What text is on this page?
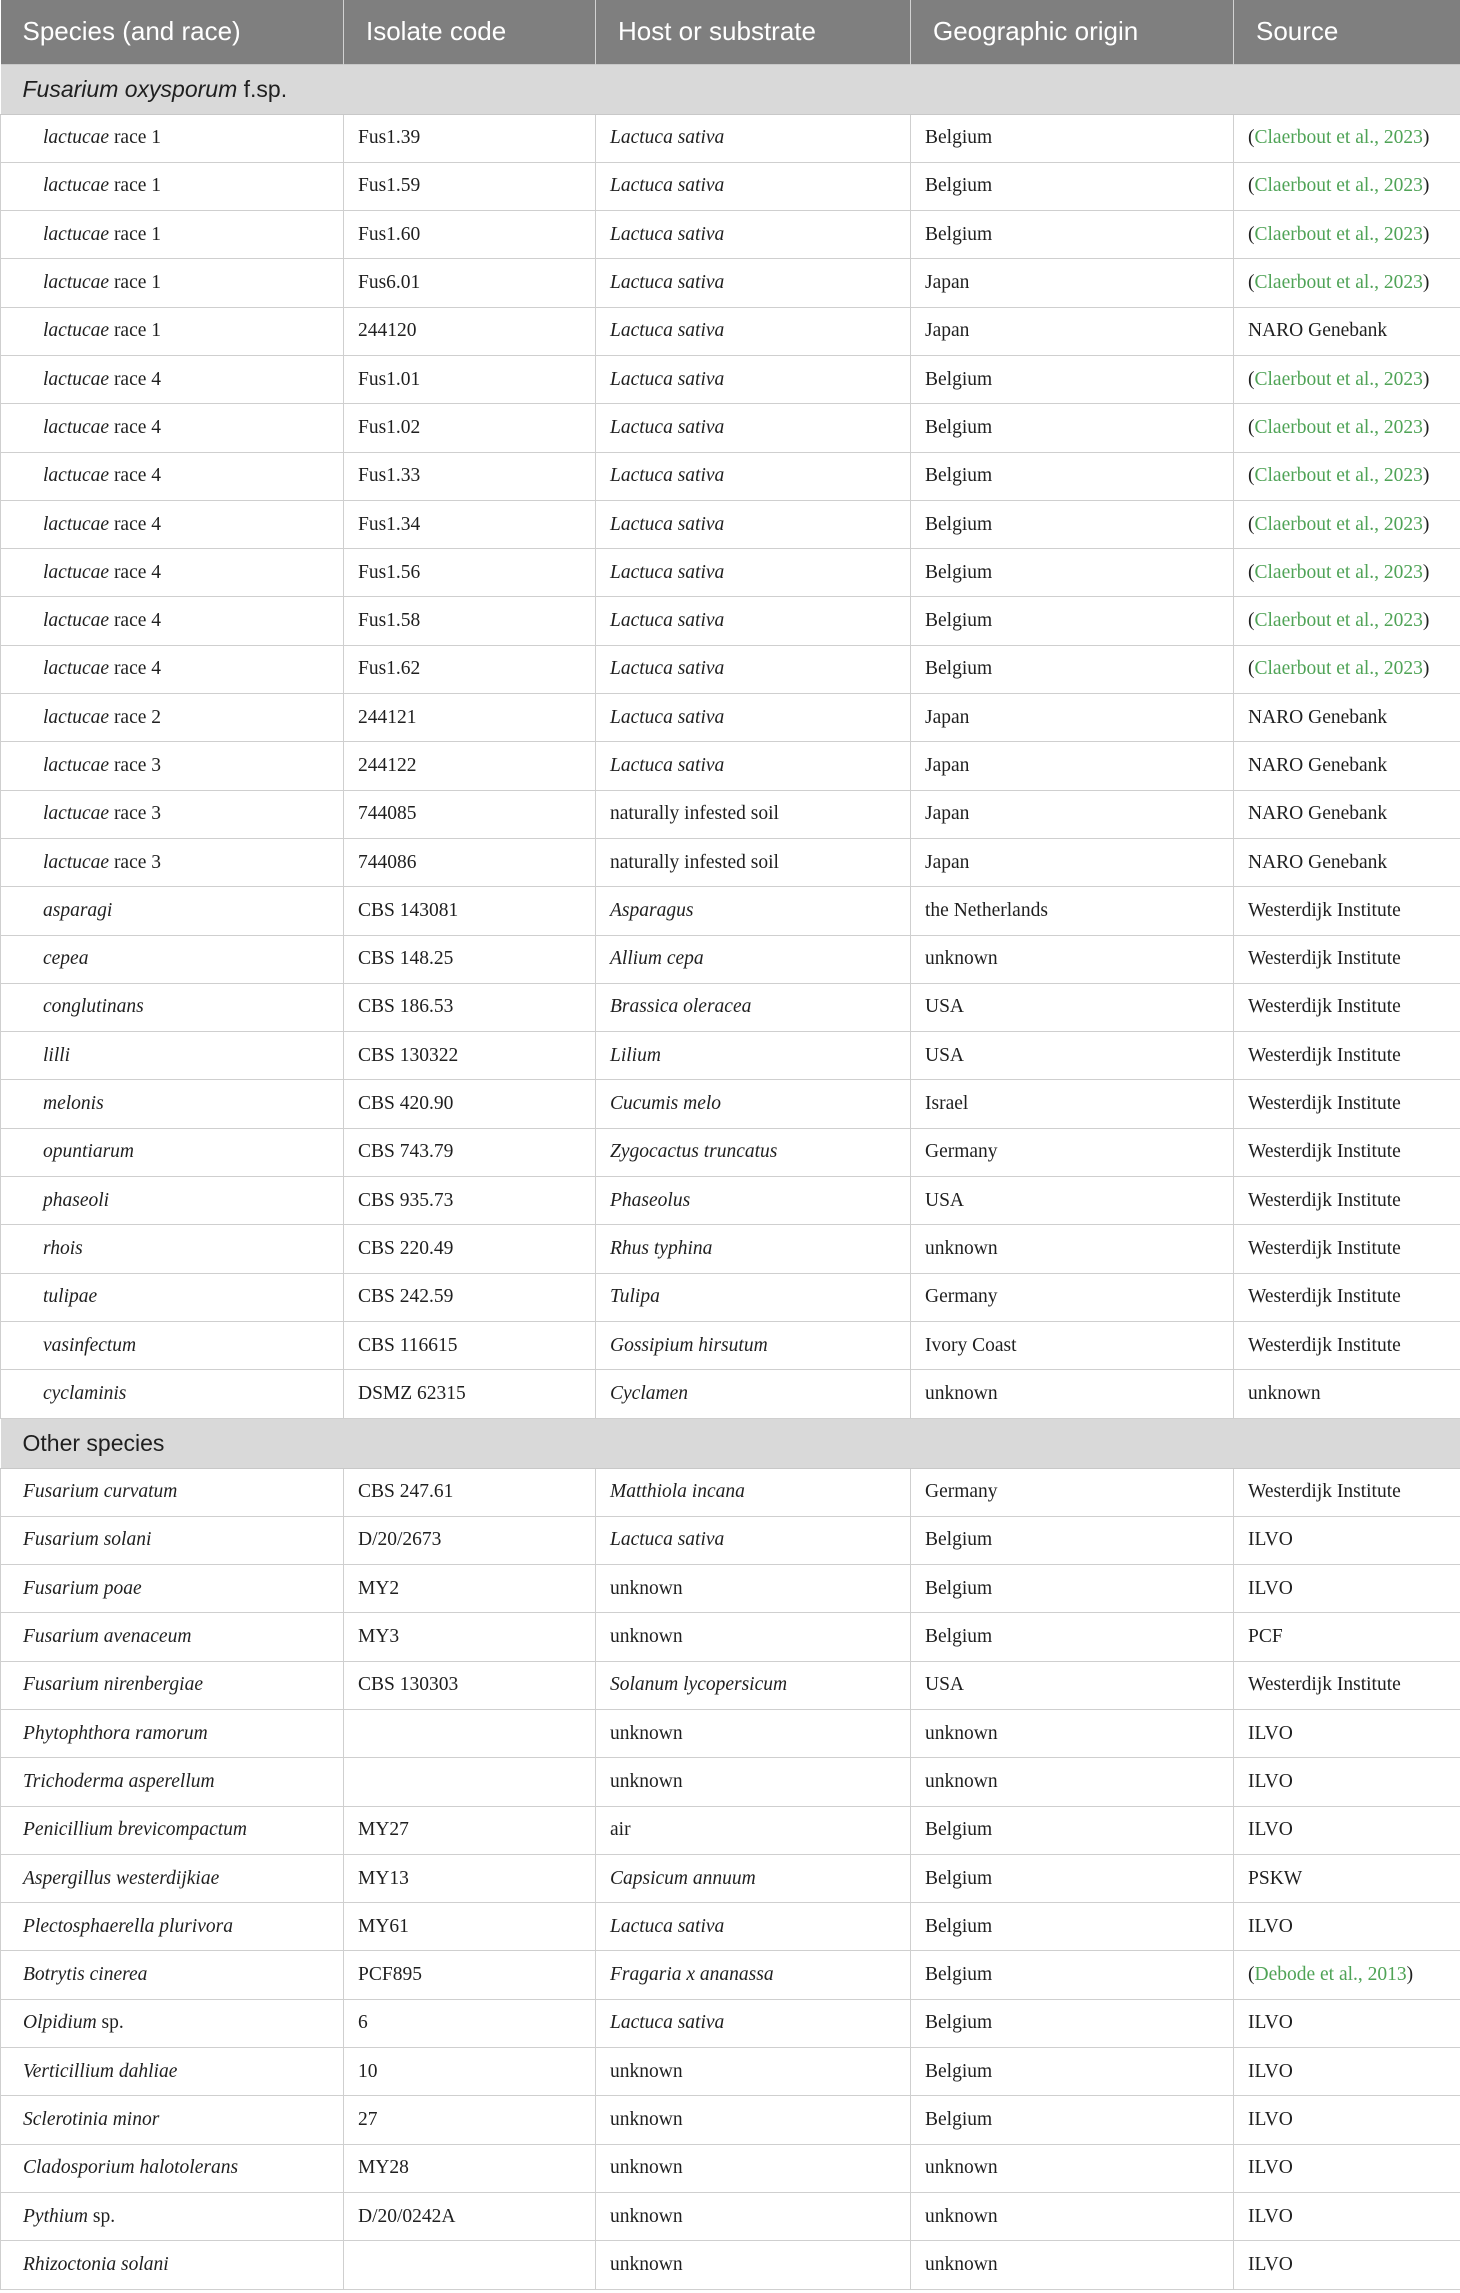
Species (and race)	Isolate code	Host or substrate	Geographic origin	Source
Fusarium oxysporum f.sp.				
lactucae race 1	Fus1.39	Lactuca sativa	Belgium	(Claerbout et al., 2023)
lactucae race 1	Fus1.59	Lactuca sativa	Belgium	(Claerbout et al., 2023)
lactucae race 1	Fus1.60	Lactuca sativa	Belgium	(Claerbout et al., 2023)
lactucae race 1	Fus6.01	Lactuca sativa	Japan	(Claerbout et al., 2023)
lactucae race 1	244120	Lactuca sativa	Japan	NARO Genebank
lactucae race 4	Fus1.01	Lactuca sativa	Belgium	(Claerbout et al., 2023)
lactucae race 4	Fus1.02	Lactuca sativa	Belgium	(Claerbout et al., 2023)
lactucae race 4	Fus1.33	Lactuca sativa	Belgium	(Claerbout et al., 2023)
lactucae race 4	Fus1.34	Lactuca sativa	Belgium	(Claerbout et al., 2023)
lactucae race 4	Fus1.56	Lactuca sativa	Belgium	(Claerbout et al., 2023)
lactucae race 4	Fus1.58	Lactuca sativa	Belgium	(Claerbout et al., 2023)
lactucae race 4	Fus1.62	Lactuca sativa	Belgium	(Claerbout et al., 2023)
lactucae race 2	244121	Lactuca sativa	Japan	NARO Genebank
lactucae race 3	244122	Lactuca sativa	Japan	NARO Genebank
lactucae race 3	744085	naturally infested soil	Japan	NARO Genebank
lactucae race 3	744086	naturally infested soil	Japan	NARO Genebank
asparagi	CBS 143081	Asparagus	the Netherlands	Westerdijk Institute
cepea	CBS 148.25	Allium cepa	unknown	Westerdijk Institute
conglutinans	CBS 186.53	Brassica oleracea	USA	Westerdijk Institute
lilli	CBS 130322	Lilium	USA	Westerdijk Institute
melonis	CBS 420.90	Cucumis melo	Israel	Westerdijk Institute
opuntiarum	CBS 743.79	Zygocactus truncatus	Germany	Westerdijk Institute
phaseoli	CBS 935.73	Phaseolus	USA	Westerdijk Institute
rhois	CBS 220.49	Rhus typhina	unknown	Westerdijk Institute
tulipae	CBS 242.59	Tulipa	Germany	Westerdijk Institute
vasinfectum	CBS 116615	Gossipium hirsutum	Ivory Coast	Westerdijk Institute
cyclaminis	DSMZ 62315	Cyclamen	unknown	unknown
Other species				
Fusarium curvatum	CBS 247.61	Matthiola incana	Germany	Westerdijk Institute
Fusarium solani	D/20/2673	Lactuca sativa	Belgium	ILVO
Fusarium poae	MY2	unknown	Belgium	ILVO
Fusarium avenaceum	MY3	unknown	Belgium	PCF
Fusarium nirenbergiae	CBS 130303	Solanum lycopersicum	USA	Westerdijk Institute
Phytophthora ramorum		unknown	unknown	ILVO
Trichoderma asperellum		unknown	unknown	ILVO
Penicillium brevicompactum	MY27	air	Belgium	ILVO
Aspergillus westerdijkiae	MY13	Capsicum annuum	Belgium	PSKW
Plectosphaerella plurivora	MY61	Lactuca sativa	Belgium	ILVO
Botrytis cinerea	PCF895	Fragaria x ananassa	Belgium	(Debode et al., 2013)
Olpidium sp.	6	Lactuca sativa	Belgium	ILVO
Verticillium dahliae	10	unknown	Belgium	ILVO
Sclerotinia minor	27	unknown	Belgium	ILVO
Cladosporium halotolerans	MY28	unknown	unknown	ILVO
Pythium sp.	D/20/0242A	unknown	unknown	ILVO
Rhizoctonia solani		unknown	unknown	ILVO
